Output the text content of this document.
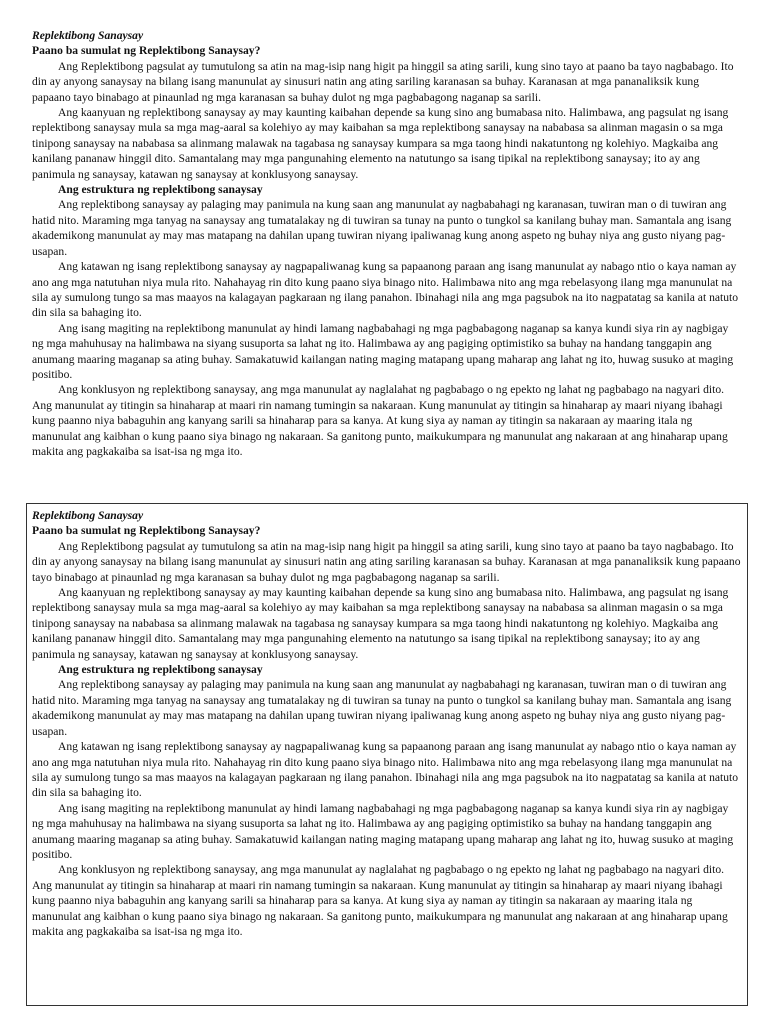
Replektibong Sanaysay

Paano ba sumulat ng Replektibong Sanaysay?

Ang Replektibong pagsulat ay tumutulong sa atin na mag-isip nang higit pa hinggil sa ating sarili, kung sino tayo at paano ba tayo nagbabago. Ito din ay anyong sanaysay na bilang isang manunulat ay sinusuri natin ang ating sariling karanasan sa buhay. Karanasan at mga pananaliksik kung papaano tayo binabago at pinaunlad ng mga karanasan sa buhay dulot ng mga pagbabagong naganap sa sarili.

Ang kaanyuan ng replektibong sanaysay ay may kaunting kaibahan depende sa kung sino ang bumabasa nito. Halimbawa, ang pagsulat ng isang replektibong sanaysay mula sa mga mag-aaral sa kolehiyo ay may kaibahan sa mga replektibong sanaysay na nababasa sa alinman magasin o sa mga tinipong sanaysay na nababasa sa alinmang malawak na tagabasa ng sanaysay kumpara sa mga taong hindi nakatuntong ng kolehiyo. Magkaiba ang kanilang pananaw hinggil dito. Samantalang may mga pangunahing elemento na natutungo sa isang tipikal na replektibong sanaysay; ito ay ang panimula ng sanaysay, katawan ng sanaysay at konklusyong sanaysay.

Ang estruktura ng replektibong sanaysay

Ang replektibong sanaysay ay palaging may panimula na kung saan ang manunulat ay nagbabahagi ng karanasan, tuwiran man o di tuwiran ang hatid nito. Maraming mga tanyag na sanaysay ang tumatalakay ng di tuwiran sa tunay na punto o tungkol sa kanilang buhay man. Samantala ang isang akademikong manunulat ay may mas matapang na dahilan upang tuwiran niyang ipaliwanag kung anong aspeto ng buhay niya ang gusto niyang pag-usapan.

Ang katawan ng isang replektibong sanaysay ay nagpapaliwanag kung sa papaanong paraan ang isang manunulat ay nabago ntio o kaya naman ay ano ang mga natutuhan niya mula rito. Nahahayag rin dito kung paano siya binago nito. Halimbawa nito ang mga rebelasyong ilang mga manunulat na sila ay sumulong tungo sa mas maayos na kalagayan pagkaraan ng ilang panahon. Ibinahagi nila ang mga pagsubok na ito nagpatatag sa kanila at natuto din sila sa bahaging ito.

Ang isang magiting na replektibong manunulat ay hindi lamang nagbabahagi ng mga pagbabagong naganap sa kanya kundi siya rin ay nagbigay ng mga mahuhusay na halimbawa na siyang susuporta sa lahat ng ito. Halimbawa ay ang pagiging optimistiko sa buhay na handang tanggapin ang anumang maaring maganap sa ating buhay. Samakatuwid kailangan nating maging matapang upang maharap ang lahat ng ito, huwag susuko at maging positibo.

Ang konklusyon ng replektibong sanaysay, ang mga manunulat ay naglalahat ng pagbabago o ng epekto ng lahat ng pagbabago na nagyari dito. Ang manunulat ay titingin sa hinaharap at maari rin namang tumingin sa nakaraan. Kung manunulat ay titingin sa hinaharap ay maari niyang ibahagi kung paanno niya babaguhin ang kanyang sarili sa hinaharap para sa kanya. At kung siya ay naman ay titingin sa nakaraan ay maaring itala ng manunulat ang kaibhan o kung paano siya binago ng nakaraan. Sa ganitong punto, maikukumpara ng manunulat ang nakaraan at ang hinaharap upang makita ang pagkakaiba sa isat-isa ng mga ito.

Replektibong Sanaysay

Paano ba sumulat ng Replektibong Sanaysay?

Ang Replektibong pagsulat ay tumutulong sa atin na mag-isip nang higit pa hinggil sa ating sarili, kung sino tayo at paano ba tayo nagbabago. Ito din ay anyong sanaysay na bilang isang manunulat ay sinusuri natin ang ating sariling karanasan sa buhay. Karanasan at mga pananaliksik kung papaano tayo binabago at pinaunlad ng mga karanasan sa buhay dulot ng mga pagbabagong naganap sa sarili.

Ang kaanyuan ng replektibong sanaysay ay may kaunting kaibahan depende sa kung sino ang bumabasa nito. Halimbawa, ang pagsulat ng isang replektibong sanaysay mula sa mga mag-aaral sa kolehiyo ay may kaibahan sa mga replektibong sanaysay na nababasa sa alinman magasin o sa mga tinipong sanaysay na nababasa sa alinmang malawak na tagabasa ng sanaysay kumpara sa mga taong hindi nakatuntong ng kolehiyo. Magkaiba ang kanilang pananaw hinggil dito. Samantalang may mga pangunahing elemento na natutungo sa isang tipikal na replektibong sanaysay; ito ay ang panimula ng sanaysay, katawan ng sanaysay at konklusyong sanaysay.

Ang estruktura ng replektibong sanaysay

Ang replektibong sanaysay ay palaging may panimula na kung saan ang manunulat ay nagbabahagi ng karanasan, tuwiran man o di tuwiran ang hatid nito. Maraming mga tanyag na sanaysay ang tumatalakay ng di tuwiran sa tunay na punto o tungkol sa kanilang buhay man. Samantala ang isang akademikong manunulat ay may mas matapang na dahilan upang tuwiran niyang ipaliwanag kung anong aspeto ng buhay niya ang gusto niyang pag-usapan.

Ang katawan ng isang replektibong sanaysay ay nagpapaliwanag kung sa papaanong paraan ang isang manunulat ay nabago ntio o kaya naman ay ano ang mga natutuhan niya mula rito. Nahahayag rin dito kung paano siya binago nito. Halimbawa nito ang mga rebelasyong ilang mga manunulat na sila ay sumulong tungo sa mas maayos na kalagayan pagkaraan ng ilang panahon. Ibinahagi nila ang mga pagsubok na ito nagpatatag sa kanila at natuto din sila sa bahaging ito.

Ang isang magiting na replektibong manunulat ay hindi lamang nagbabahagi ng mga pagbabagong naganap sa kanya kundi siya rin ay nagbigay ng mga mahuhusay na halimbawa na siyang susuporta sa lahat ng ito. Halimbawa ay ang pagiging optimistiko sa buhay na handang tanggapin ang anumang maaring maganap sa ating buhay. Samakatuwid kailangan nating maging matapang upang maharap ang lahat ng ito, huwag susuko at maging positibo.

Ang konklusyon ng replektibong sanaysay, ang mga manunulat ay naglalahat ng pagbabago o ng epekto ng lahat ng pagbabago na nagyari dito. Ang manunulat ay titingin sa hinaharap at maari rin namang tumingin sa nakaraan. Kung manunulat ay titingin sa hinaharap ay maari niyang ibahagi kung paanno niya babaguhin ang kanyang sarili sa hinaharap para sa kanya. At kung siya ay naman ay titingin sa nakaraan ay maaring itala ng manunulat ang kaibhan o kung paano siya binago ng nakaraan. Sa ganitong punto, maikukumpara ng manunulat ang nakaraan at ang hinaharap upang makita ang pagkakaiba sa isat-isa ng mga ito.
